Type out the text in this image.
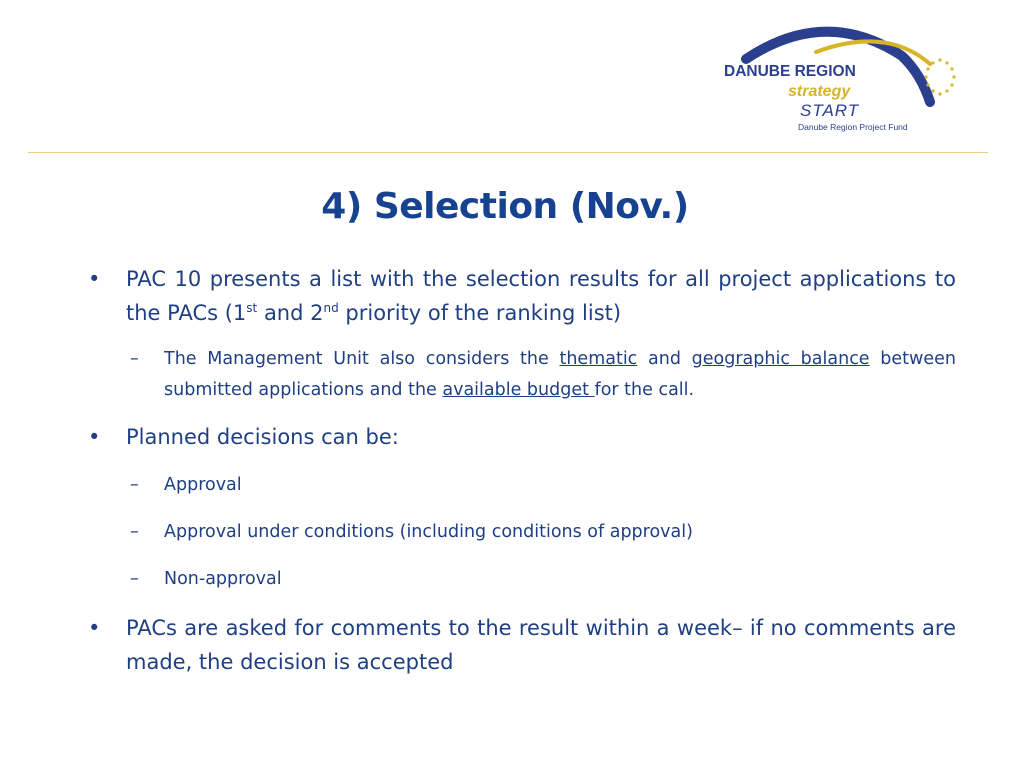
DANUBE REGION
strategy
START
Danube Region Project Fund
4) Selection (Nov.)
• PAC 10 presents a list with the selection results for all project applications to the PACs (1st and 2nd priority of the ranking list)
– The Management Unit also considers the thematic and geographic balance between submitted applications and the available budget for the call.
• Planned decisions can be:
– Approval
– Approval under conditions (including conditions of approval)
– Non-approval
• PACs are asked for comments to the result within a week– if no comments are made, the decision is accepted
